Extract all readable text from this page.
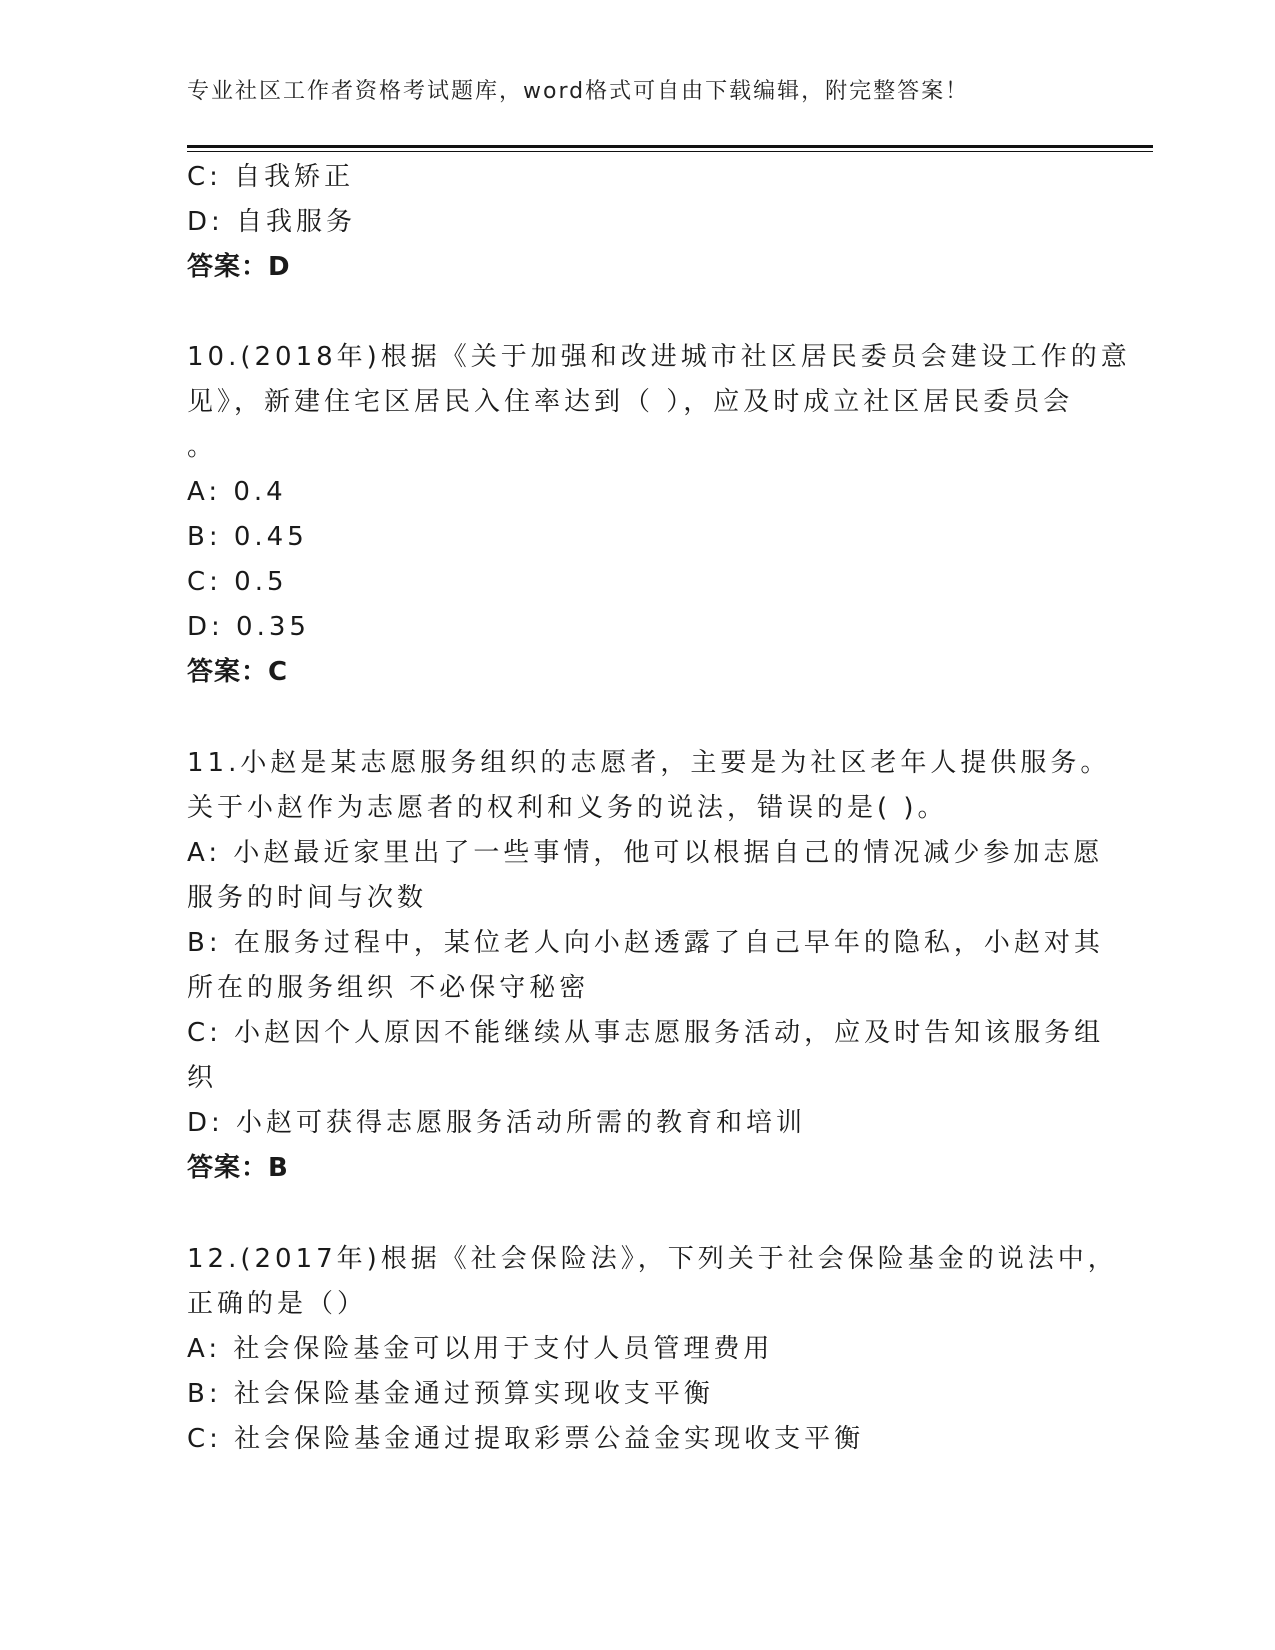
专业社区工作者资格考试题库，word格式可自由下载编辑，附完整答案！
C: 自我矫正
D: 自我服务
答案：D
10.(2018年)根据《关于加强和改进城市社区居民委员会建设工作的意
见》，新建住宅区居民入住率达到（ ），应及时成立社区居民委员会
。
A: 0.4
B: 0.45
C: 0.5
D: 0.35
答案：C
11.小赵是某志愿服务组织的志愿者，主要是为社区老年人提供服务。
关于小赵作为志愿者的权利和义务的说法，错误的是( )。
A: 小赵最近家里出了一些事情，他可以根据自己的情况减少参加志愿
服务的时间与次数
B: 在服务过程中，某位老人向小赵透露了自己早年的隐私，小赵对其
所在的服务组织 不必保守秘密
C: 小赵因个人原因不能继续从事志愿服务活动，应及时告知该服务组
织
D: 小赵可获得志愿服务活动所需的教育和培训
答案：B
12.(2017年)根据《社会保险法》，下列关于社会保险基金的说法中，
正确的是（）
A: 社会保险基金可以用于支付人员管理费用
B: 社会保险基金通过预算实现收支平衡
C: 社会保险基金通过提取彩票公益金实现收支平衡
